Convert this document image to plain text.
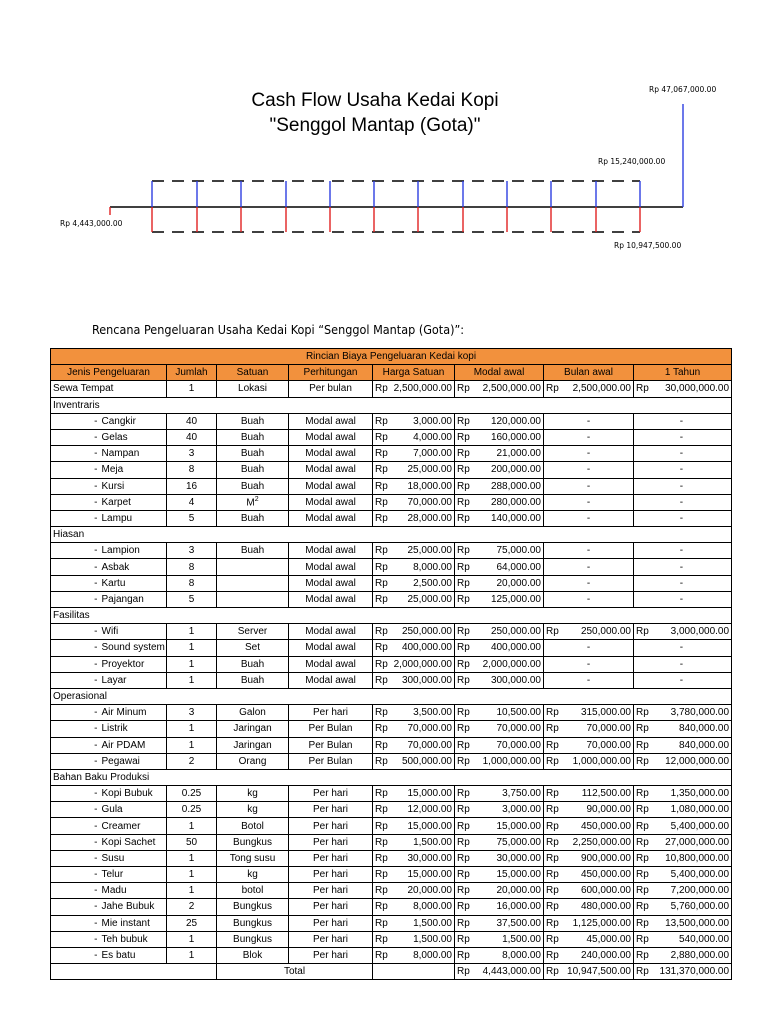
Cash Flow Usaha Kedai Kopi
"Senggol Mantap (Gota)"
Rp 47,067,000.00
Rp 15,240,000.00
Rp 4,443,000.00
Rp 10,947,500.00
Rencana Pengeluaran Usaha Kedai Kopi “Senggol Mantap (Gota)”:
Rincian Biaya Pengeluaran Kedai kopi												
Jenis Pengeluaran		Jumlah	Satuan	Perhitungan	Harga Satuan		Modal awal		Bulan awal		1 Tahun	
Sewa Tempat		1	Lokasi	Per bulan	Rp	2,500,000.00	Rp	2,500,000.00	Rp	2,500,000.00	Rp	30,000,000.00
Inventraris												
-	Cangkir	40	Buah	Modal awal	Rp	3,000.00	Rp	120,000.00	-		-	
-	Gelas	40	Buah	Modal awal	Rp	4,000.00	Rp	160,000.00	-		-	
-	Nampan	3	Buah	Modal awal	Rp	7,000.00	Rp	21,000.00	-		-	
-	Meja	8	Buah	Modal awal	Rp	25,000.00	Rp	200,000.00	-		-	
-	Kursi	16	Buah	Modal awal	Rp	18,000.00	Rp	288,000.00	-		-	
-	Karpet	4	$M^2$	Modal awal	Rp	70,000.00	Rp	280,000.00	-		-	
-	Lampu	5	Buah	Modal awal	Rp	28,000.00	Rp	140,000.00	-		-	
Hiasan												
-	Lampion	3	Buah	Modal awal	Rp	25,000.00	Rp	75,000.00	-		-	
-	Asbak	8		Modal awal	Rp	8,000.00	Rp	64,000.00	-		-	
-	Kartu	8		Modal awal	Rp	2,500.00	Rp	20,000.00	-		-	
-	Pajangan	5		Modal awal	Rp	25,000.00	Rp	125,000.00	-		-	
Fasilitas												
-	Wifi	1	Server	Modal awal	Rp	250,000.00	Rp	250,000.00	Rp	250,000.00	Rp	3,000,000.00
-	Sound system	1	Set	Modal awal	Rp	400,000.00	Rp	400,000.00	-		-	
-	Proyektor	1	Buah	Modal awal	Rp	2,000,000.00	Rp	2,000,000.00	-		-	
-	Layar	1	Buah	Modal awal	Rp	300,000.00	Rp	300,000.00	-		-	
Operasional												
-	Air Minum	3	Galon	Per hari	Rp	3,500.00	Rp	10,500.00	Rp	315,000.00	Rp	3,780,000.00
-	Listrik	1	Jaringan	Per Bulan	Rp	70,000.00	Rp	70,000.00	Rp	70,000.00	Rp	840,000.00
-	Air PDAM	1	Jaringan	Per Bulan	Rp	70,000.00	Rp	70,000.00	Rp	70,000.00	Rp	840,000.00
-	Pegawai	2	Orang	Per Bulan	Rp	500,000.00	Rp	1,000,000.00	Rp	1,000,000.00	Rp	12,000,000.00
Bahan Baku Produksi												
-	Kopi Bubuk	0.25	kg	Per hari	Rp	15,000.00	Rp	3,750.00	Rp	112,500.00	Rp	1,350,000.00
-	Gula	0.25	kg	Per hari	Rp	12,000.00	Rp	3,000.00	Rp	90,000.00	Rp	1,080,000.00
-	Creamer	1	Botol	Per hari	Rp	15,000.00	Rp	15,000.00	Rp	450,000.00	Rp	5,400,000.00
-	Kopi Sachet	50	Bungkus	Per hari	Rp	1,500.00	Rp	75,000.00	Rp	2,250,000.00	Rp	27,000,000.00
-	Susu	1	Tong susu	Per hari	Rp	30,000.00	Rp	30,000.00	Rp	900,000.00	Rp	10,800,000.00
-	Telur	1	kg	Per hari	Rp	15,000.00	Rp	15,000.00	Rp	450,000.00	Rp	5,400,000.00
-	Madu	1	botol	Per hari	Rp	20,000.00	Rp	20,000.00	Rp	600,000.00	Rp	7,200,000.00
-	Jahe Bubuk	2	Bungkus	Per hari	Rp	8,000.00	Rp	16,000.00	Rp	480,000.00	Rp	5,760,000.00
-	Mie instant	25	Bungkus	Per hari	Rp	1,500.00	Rp	37,500.00	Rp	1,125,000.00	Rp	13,500,000.00
-	Teh bubuk	1	Bungkus	Per hari	Rp	1,500.00	Rp	1,500.00	Rp	45,000.00	Rp	540,000.00
-	Es batu	1	Blok	Per hari	Rp	8,000.00	Rp	8,000.00	Rp	240,000.00	Rp	2,880,000.00
			Total				Rp	4,443,000.00	Rp	10,947,500.00	Rp	131,370,000.00
